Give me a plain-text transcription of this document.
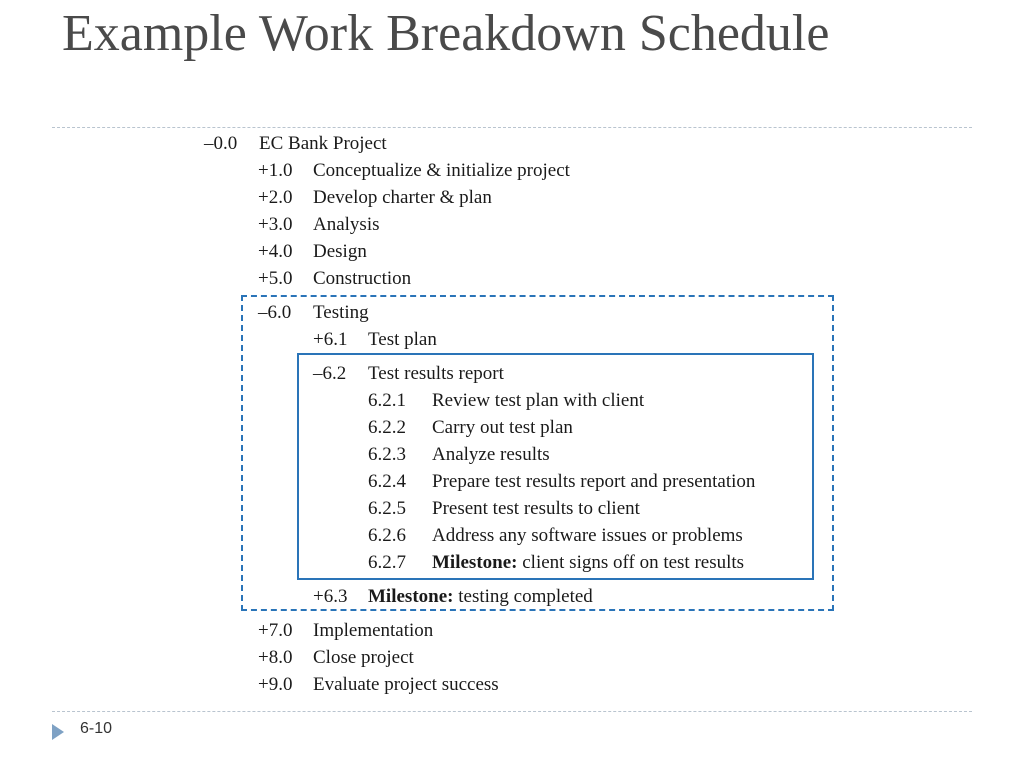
Example Work Breakdown Schedule
–0.0 EC Bank Project
+1.0 Conceptualize & initialize project
+2.0 Develop charter & plan
+3.0 Analysis
+4.0 Design
+5.0 Construction
–6.0 Testing
+6.1 Test plan
–6.2 Test results report
6.2.1 Review test plan with client
6.2.2 Carry out test plan
6.2.3 Analyze results
6.2.4 Prepare test results report and presentation
6.2.5 Present test results to client
6.2.6 Address any software issues or problems
6.2.7 Milestone: client signs off on test results
+6.3 Milestone: testing completed
+7.0 Implementation
+8.0 Close project
+9.0 Evaluate project success
6-10
